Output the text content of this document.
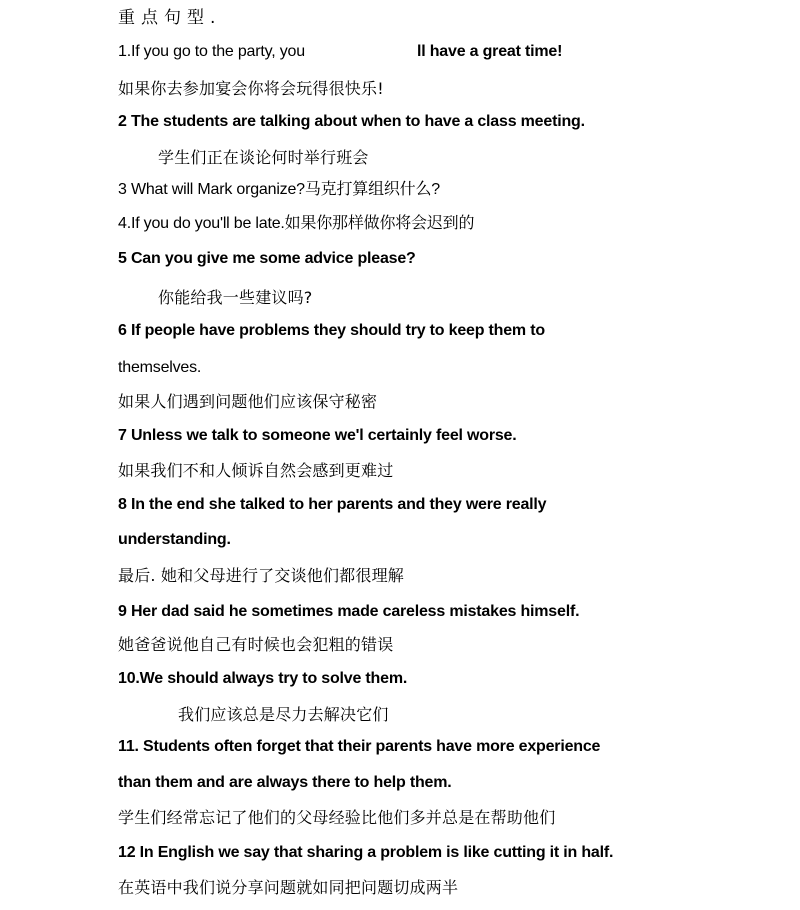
重点句型.
1.If you go to the party, you	ll have a great time!
如果你去参加宴会你将会玩得很快乐!
2 The students are talking about when to have a class meeting.
学生们正在谈论何时举行班会
3 What will Mark organize?马克打算组织什么?
4.If you do you'll be late.如果你那样做你将会迟到的
5 Can you give me some advice please?
你能给我一些建议吗?
6 If people have problems they should try to keep them to
themselves.
如果人们遇到问题他们应该保守秘密
7 Unless we talk to someone we'l certainly feel worse.
如果我们不和人倾诉自然会感到更难过
8 In the end she talked to her parents and they were really
understanding.
最后. 她和父母进行了交谈他们都很理解
9 Her dad said he sometimes made careless mistakes himself.
她爸爸说他自己有时候也会犯粗的错误
10.We should always try to solve them.
我们应该总是尽力去解决它们
11. Students often forget that their parents have more experience
than them and are always there to help them.
学生们经常忘记了他们的父母经验比他们多并总是在帮助他们
12 In English we say that sharing a problem is like cutting it in half.
在英语中我们说分享问题就如同把问题切成两半
